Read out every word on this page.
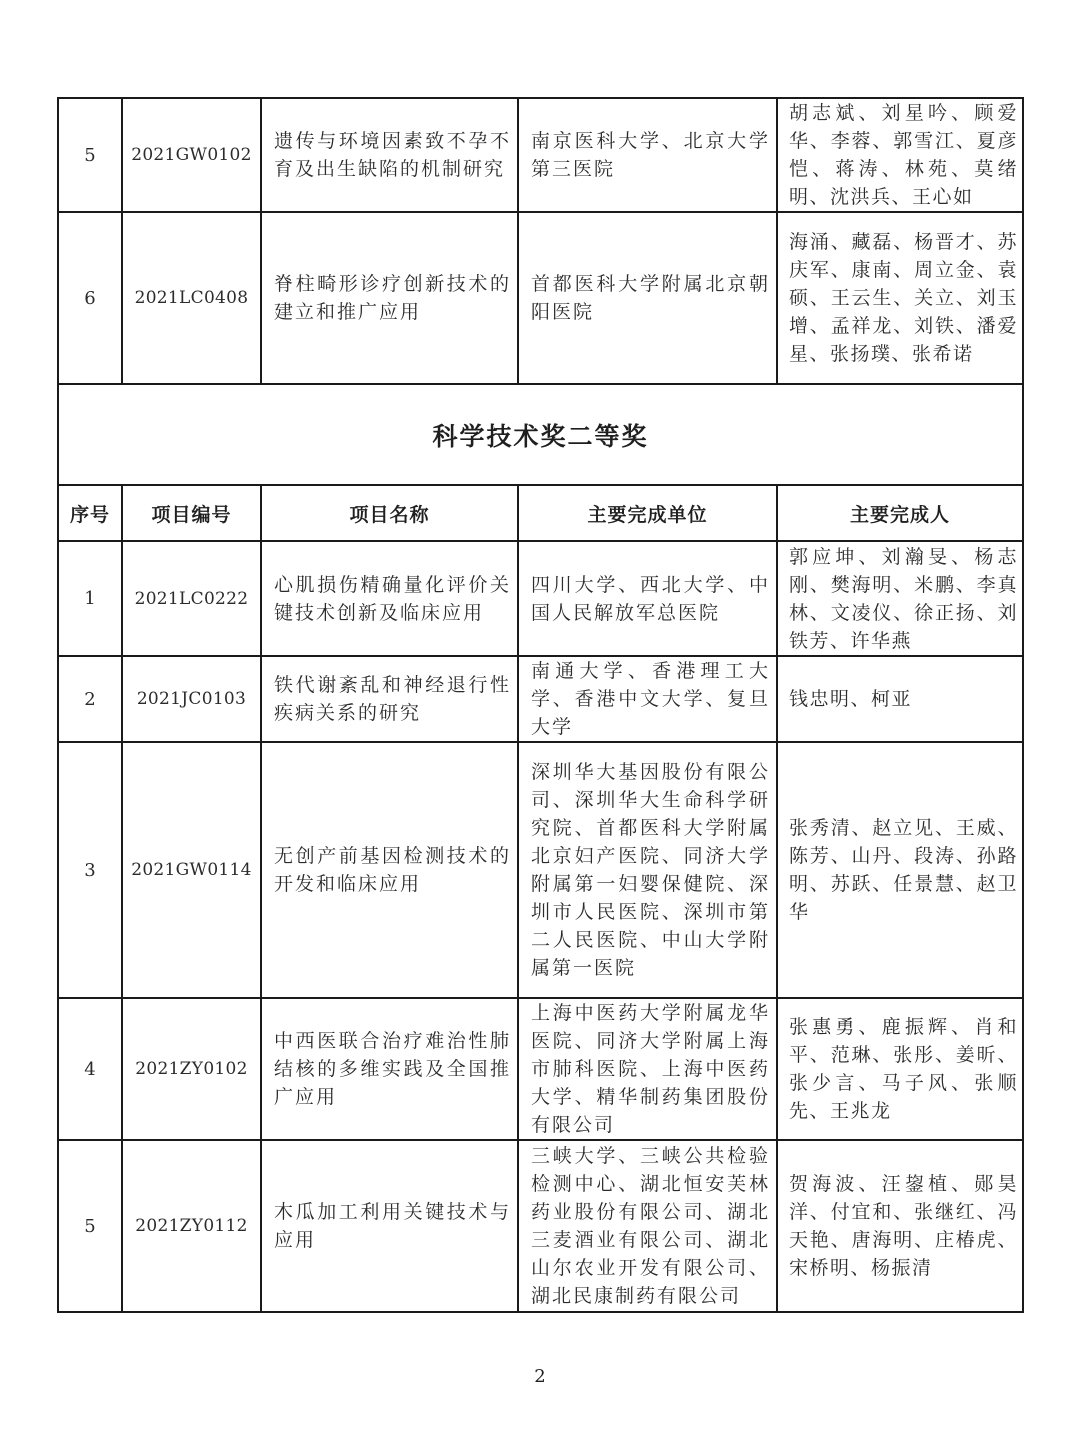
5	2021GW0102	遗传与环境因素致不孕不育及出生缺陷的机制研究	南京医科大学、北京大学第三医院	胡志斌、刘星吟、顾爱华、李蓉、郭雪江、夏彦恺、蒋涛、林苑、莫绪明、沈洪兵、王心如
6	2021LC0408	脊柱畸形诊疗创新技术的建立和推广应用	首都医科大学附属北京朝阳医院	海涌、藏磊、杨晋才、苏庆军、康南、周立金、袁硕、王云生、关立、刘玉增、孟祥龙、刘铁、潘爱星、张扬璞、张希诺
科学技术奖二等奖				
序号	项目编号	项目名称	主要完成单位	主要完成人
1	2021LC0222	心肌损伤精确量化评价关键技术创新及临床应用	四川大学、西北大学、中国人民解放军总医院	郭应坤、刘瀚旻、杨志刚、樊海明、米鹏、李真林、文凌仪、徐正扬、刘铁芳、许华燕
2	2021JC0103	铁代谢紊乱和神经退行性疾病关系的研究	南通大学、香港理工大学、香港中文大学、复旦大学	钱忠明、柯亚
3	2021GW0114	无创产前基因检测技术的开发和临床应用	深圳华大基因股份有限公司、深圳华大生命科学研究院、首都医科大学附属北京妇产医院、同济大学附属第一妇婴保健院、深圳市人民医院、深圳市第二人民医院、中山大学附属第一医院	张秀清、赵立见、王威、陈芳、山丹、段涛、孙路明、苏跃、任景慧、赵卫华
4	2021ZY0102	中西医联合治疗难治性肺结核的多维实践及全国推广应用	上海中医药大学附属龙华医院、同济大学附属上海市肺科医院、上海中医药大学、精华制药集团股份有限公司	张惠勇、鹿振辉、肖和平、范琳、张彤、姜昕、张少言、马子风、张顺先、王兆龙
5	2021ZY0112	木瓜加工利用关键技术与应用	三峡大学、三峡公共检验检测中心、湖北恒安芙林药业股份有限公司、湖北三麦酒业有限公司、湖北山尔农业开发有限公司、湖北民康制药有限公司	贺海波、汪鋆植、郧昊洋、付宜和、张继红、冯天艳、唐海明、庄椿虎、宋桥明、杨振清
2
